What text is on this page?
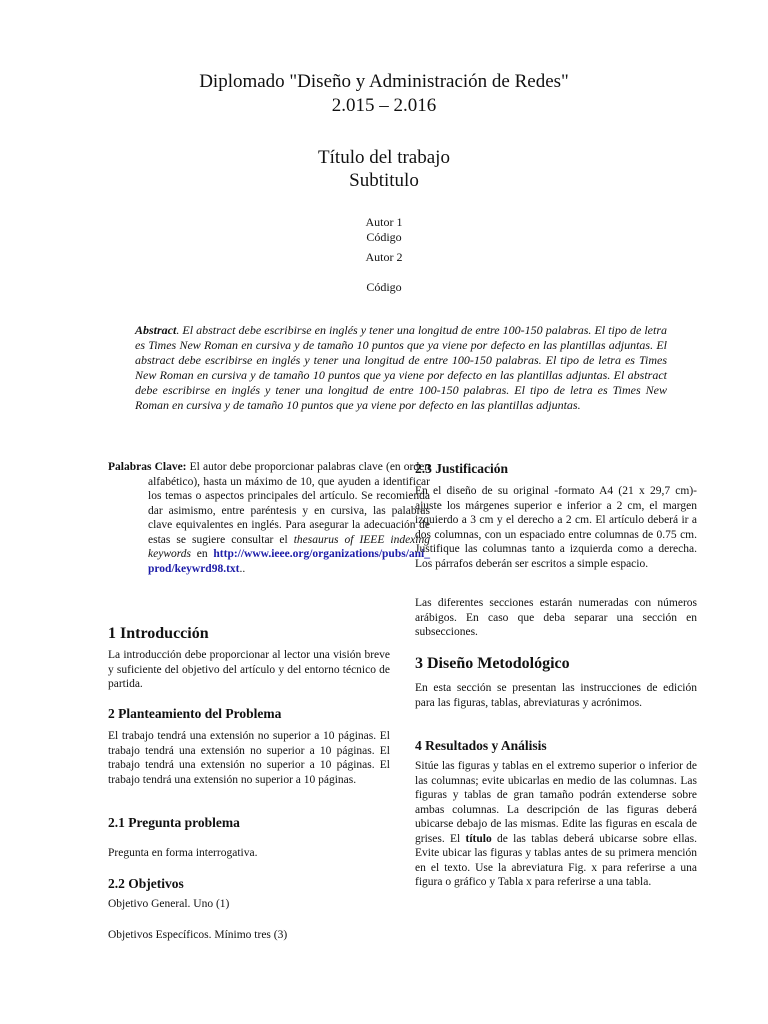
Diplomado "Diseño y Administración de Redes"
2.015 – 2.016
Título del trabajo
Subtitulo
Autor 1
Código
Autor 2
Código
Abstract. El abstract debe escribirse en inglés y tener una longitud de entre 100-150 palabras. El tipo de letra es Times New Roman en cursiva y de tamaño 10 puntos que ya viene por defecto en las plantillas adjuntas. El abstract debe escribirse en inglés y tener una longitud de entre 100-150 palabras. El tipo de letra es Times New Roman en cursiva y de tamaño 10 puntos que ya viene por defecto en las plantillas adjuntas. El abstract debe escribirse en inglés y tener una longitud de entre 100-150 palabras. El tipo de letra es Times New Roman en cursiva y de tamaño 10 puntos que ya viene por defecto en las plantillas adjuntas.
Palabras Clave: El autor debe proporcionar palabras clave (en orden alfabético), hasta un máximo de 10, que ayuden a identificar los temas o aspectos principales del artículo. Se recomienda dar asimismo, entre paréntesis y en cursiva, las palabras clave equivalentes en inglés. Para asegurar la adecuación de estas se sugiere consultar el thesaurus of IEEE indexing keywords en http://www.ieee.org/organizations/pubs/ani_prod/keywrd98.txt..
1 Introducción

La introducción debe proporcionar al lector una visión breve y suficiente del objetivo del artículo y del entorno técnico de partida.

2 Planteamiento del Problema

El trabajo tendrá una extensión no superior a 10 páginas. El trabajo tendrá una extensión no superior a 10 páginas. El trabajo tendrá una extensión no superior a 10 páginas. El trabajo tendrá una extensión no superior a 10 páginas.

2.1 Pregunta problema

Pregunta en forma interrogativa.

2.2 Objetivos

Objetivo General. Uno (1)

Objetivos Específicos. Mínimo tres (3)

2.3 Justificación

En el diseño de su original -formato A4 (21 x 29,7 cm)- ajuste los márgenes superior e inferior a 2 cm, el margen izquierdo a 3 cm y el derecho a 2 cm. El artículo deberá ir a dos columnas, con un espaciado entre columnas de 0.75 cm. Justifique las columnas tanto a izquierda como a derecha. Los párrafos deberán ser escritos a simple espacio.

Las diferentes secciones estarán numeradas con números arábigos. En caso que deba separar una sección en subsecciones.

3 Diseño Metodológico

En esta sección se presentan las instrucciones de edición para las figuras, tablas, abreviaturas y acrónimos.

4 Resultados y Análisis

Sitúe las figuras y tablas en el extremo superior o inferior de las columnas; evite ubicarlas en medio de las columnas. Las figuras y tablas de gran tamaño podrán extenderse sobre ambas columnas. La descripción de las figuras deberá ubicarse debajo de las mismas. Edite las figuras en escala de grises. El título de las tablas deberá ubicarse sobre ellas. Evite ubicar las figuras y tablas antes de su primera mención en el texto. Use la abreviatura Fig. x para referirse a una figura o gráfico y Tabla x para referirse a una tabla.
